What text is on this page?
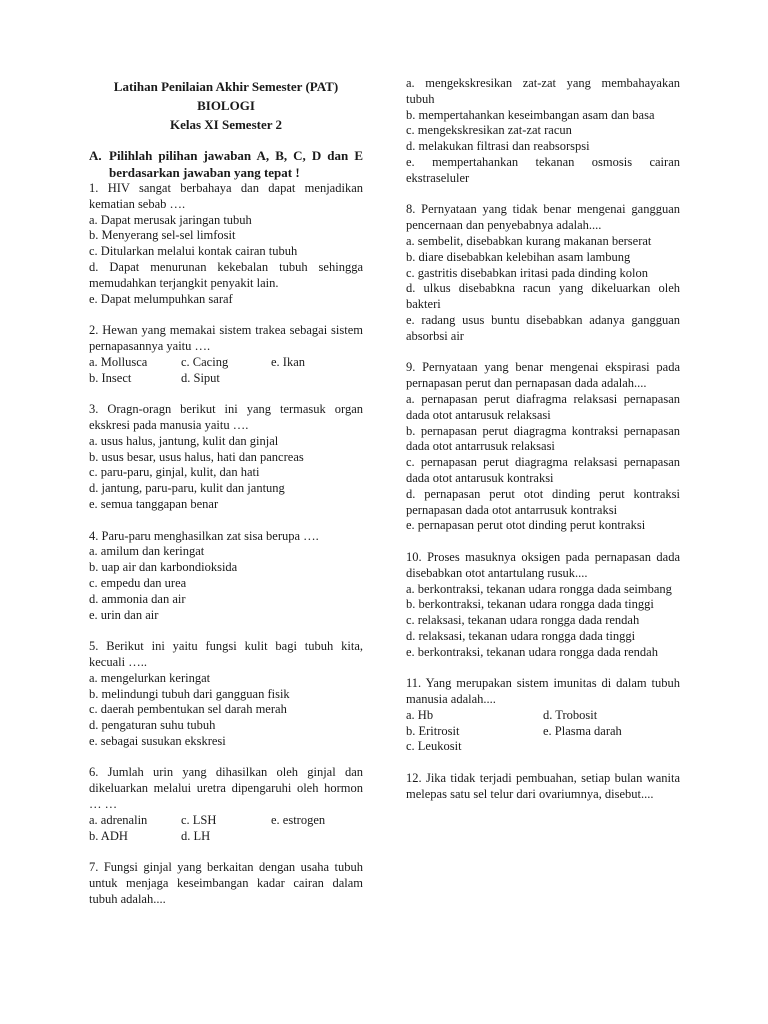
Latihan Penilaian Akhir Semester (PAT)
BIOLOGI
Kelas XI Semester 2
A. Pilihlah pilihan jawaban A, B, C, D dan E berdasarkan jawaban yang tepat !

1. HIV sangat berbahaya dan dapat menjadikan kematian sebab ….

a. Dapat merusak jaringan tubuh

b. Menyerang sel-sel limfosit

c. Ditularkan melalui kontak cairan tubuh

d. Dapat menurunan kekebalan tubuh sehingga memudahkan terjangkit penyakit lain.

e. Dapat melumpuhkan saraf

2. Hewan yang memakai sistem trakea sebagai sistem pernapasannya yaitu ….

a. Mollusca	c. Cacing	e. Ikan
b. Insect	d. Siput

3. Oragn-oragn berikut ini yang termasuk organ ekskresi pada manusia yaitu ….

a. usus halus, jantung, kulit dan ginjal

b. usus besar, usus halus, hati dan pancreas

c. paru-paru, ginjal, kulit, dan hati

d. jantung, paru-paru, kulit dan jantung

e. semua tanggapan benar

4. Paru-paru menghasilkan zat sisa berupa ….

a. amilum dan keringat

b. uap air dan karbondioksida

c. empedu dan urea

d. ammonia dan air

e. urin dan air

5. Berikut ini yaitu fungsi kulit bagi tubuh kita, kecuali …..

a. mengelurkan keringat

b. melindungi tubuh dari gangguan fisik

c. daerah pembentukan sel darah merah

d. pengaturan suhu tubuh

e. sebagai susukan ekskresi

6. Jumlah urin yang dihasilkan oleh ginjal dan dikeluarkan melalui uretra dipengaruhi oleh hormon … …

a. adrenalin	c. LSH	e. estrogen
b. ADH	d. LH

7. Fungsi ginjal yang berkaitan dengan usaha tubuh untuk menjaga keseimbangan kadar cairan dalam tubuh adalah....

a. mengekskresikan zat-zat yang membahayakan tubuh

b. mempertahankan keseimbangan asam dan basa

c. mengekskresikan zat-zat racun

d. melakukan filtrasi dan reabsorspsi

e. mempertahankan tekanan osmosis cairan ekstraseluler

8. Pernyataan yang tidak benar mengenai gangguan pencernaan dan penyebabnya adalah....

a. sembelit, disebabkan kurang makanan berserat

b. diare disebabkan kelebihan asam lambung

c. gastritis disebabkan iritasi pada dinding kolon

d. ulkus disebabkna racun yang dikeluarkan oleh bakteri

e. radang usus buntu disebabkan adanya gangguan absorbsi air

9. Pernyataan yang benar mengenai ekspirasi pada pernapasan perut dan pernapasan dada adalah....

a. pernapasan perut diafragma relaksasi pernapasan dada otot antarusuk relaksasi

b. pernapasan perut diagragma kontraksi pernapasan dada otot antarrusuk relaksasi

c. pernapasan perut diagragma relaksasi pernapasan dada otot antarusuk kontraksi

d. pernapasan perut otot dinding perut kontraksi pernapasan dada otot antarrusuk kontraksi

e. pernapasan perut otot dinding perut kontraksi

10. Proses masuknya oksigen pada pernapasan dada disebabkan otot antartulang rusuk....

a. berkontraksi, tekanan udara rongga dada seimbang

b. berkontraksi, tekanan udara rongga dada tinggi

c. relaksasi, tekanan udara rongga dada rendah

d. relaksasi, tekanan udara rongga dada tinggi

e. berkontraksi, tekanan udara rongga dada rendah

11. Yang merupakan sistem imunitas di dalam tubuh manusia adalah....

a. Hb	d. Trobosit
b. Eritrosit	e. Plasma darah
c. Leukosit

12. Jika tidak terjadi pembuahan, setiap bulan wanita melepas satu sel telur dari ovariumnya, disebut....
